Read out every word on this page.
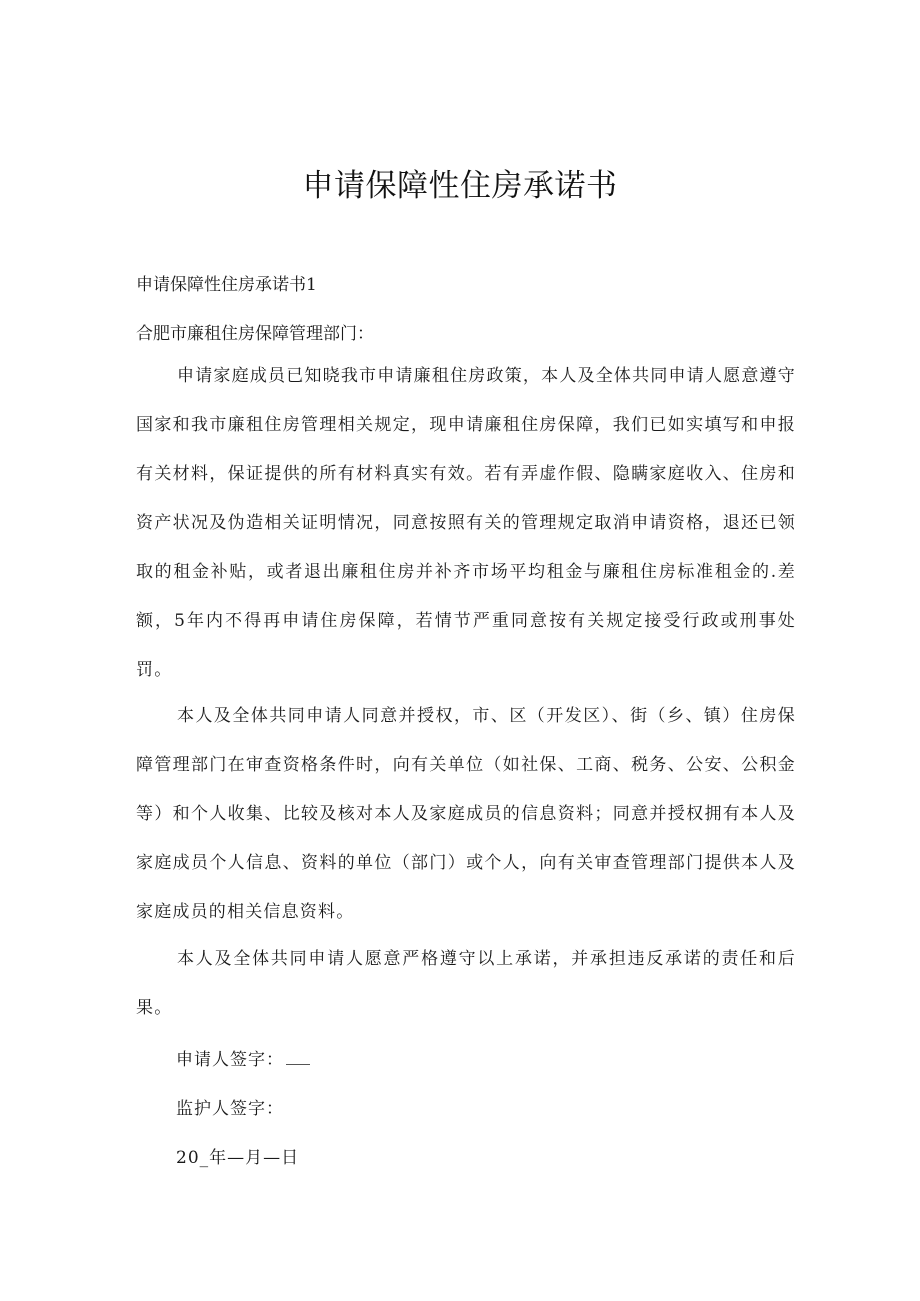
申请保障性住房承诺书

申请保障性住房承诺书1

合肥市廉租住房保障管理部门：

申请家庭成员已知晓我市申请廉租住房政策，本人及全体共同申请人愿意遵守国家和我市廉租住房管理相关规定，现申请廉租住房保障，我们已如实填写和申报有关材料，保证提供的所有材料真实有效。若有弄虚作假、隐瞒家庭收入、住房和资产状况及伪造相关证明情况，同意按照有关的管理规定取消申请资格，退还已领取的租金补贴，或者退出廉租住房并补齐市场平均租金与廉租住房标准租金的.差额，5年内不得再申请住房保障，若情节严重同意按有关规定接受行政或刑事处罚。

本人及全体共同申请人同意并授权，市、区（开发区）、街（乡、镇）住房保障管理部门在审查资格条件时，向有关单位（如社保、工商、税务、公安、公积金等）和个人收集、比较及核对本人及家庭成员的信息资料；同意并授权拥有本人及家庭成员个人信息、资料的单位（部门）或个人，向有关审查管理部门提供本人及家庭成员的相关信息资料。

本人及全体共同申请人愿意严格遵守以上承诺，并承担违反承诺的责任和后果。

申请人签字：

监护人签字：

20_年—月—日
